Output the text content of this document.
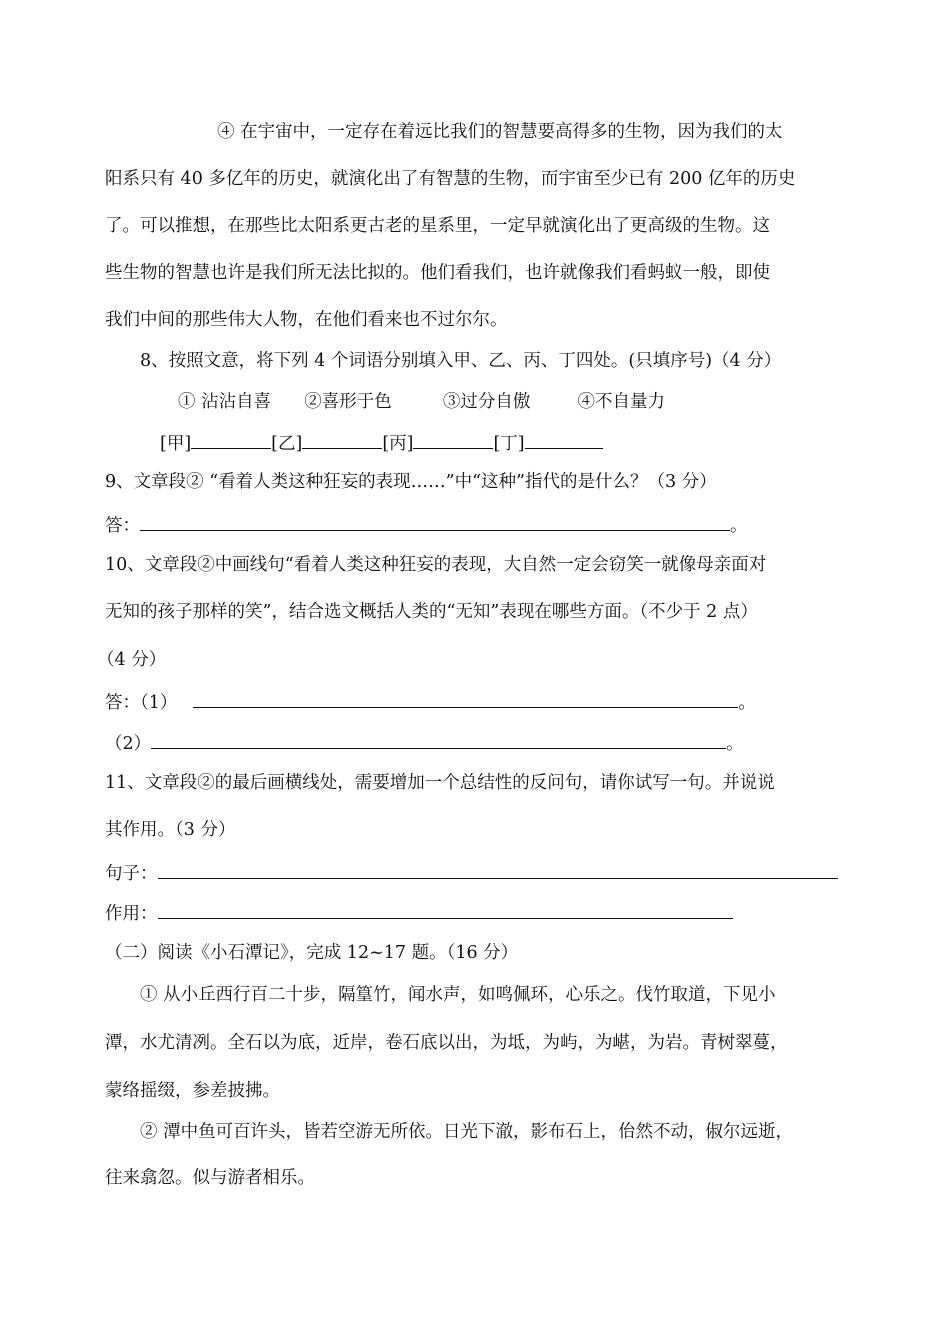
④ 在宇宙中，一定存在着远比我们的智慧要高得多的生物，因为我们的太
阳系只有 40 多亿年的历史，就演化出了有智慧的生物，而宇宙至少已有 200 亿年的历史
了。可以推想，在那些比太阳系更古老的星系里，一定早就演化出了更高级的生物。这
些生物的智慧也许是我们所无法比拟的。他们看我们，也许就像我们看蚂蚁一般，即使
我们中间的那些伟大人物，在他们看来也不过尔尔。
8、按照文意，将下列 4 个词语分别填入甲、乙、丙、丁四处。(只填序号)（4 分）
① 沾沾自喜 ②喜形于色	③过分自傲	④不自量力
[甲]	[乙]	[丙]	[丁]
9、文章段② “看着人类这种狂妄的表现……”中“这种”指代的是什么？（3 分）
答：	。
10、文章段②中画线句“看着人类这种狂妄的表现，大自然一定会窃笑一就像母亲面对
无知的孩子那样的笑”，结合选文概括人类的“无知”表现在哪些方面。（不少于 2 点）
（4 分）
答：（1）	。
（2）	。
11、文章段②的最后画横线处，需要增加一个总结性的反问句，请你试写一句。并说说
其作用。（3 分）
句子：
作用：
（二）阅读《小石潭记》，完成 12~17 题。（16 分）
① 从小丘西行百二十步，隔篁竹，闻水声，如鸣佩环，心乐之。伐竹取道，下见小
潭，水尤清冽。全石以为底，近岸，卷石底以出，为坻，为屿，为嵁，为岩。青树翠蔓，
蒙络摇缀，参差披拂。
② 潭中鱼可百许头，皆若空游无所依。日光下澈，影布石上，佁然不动，俶尔远逝，
往来翕忽。似与游者相乐。
